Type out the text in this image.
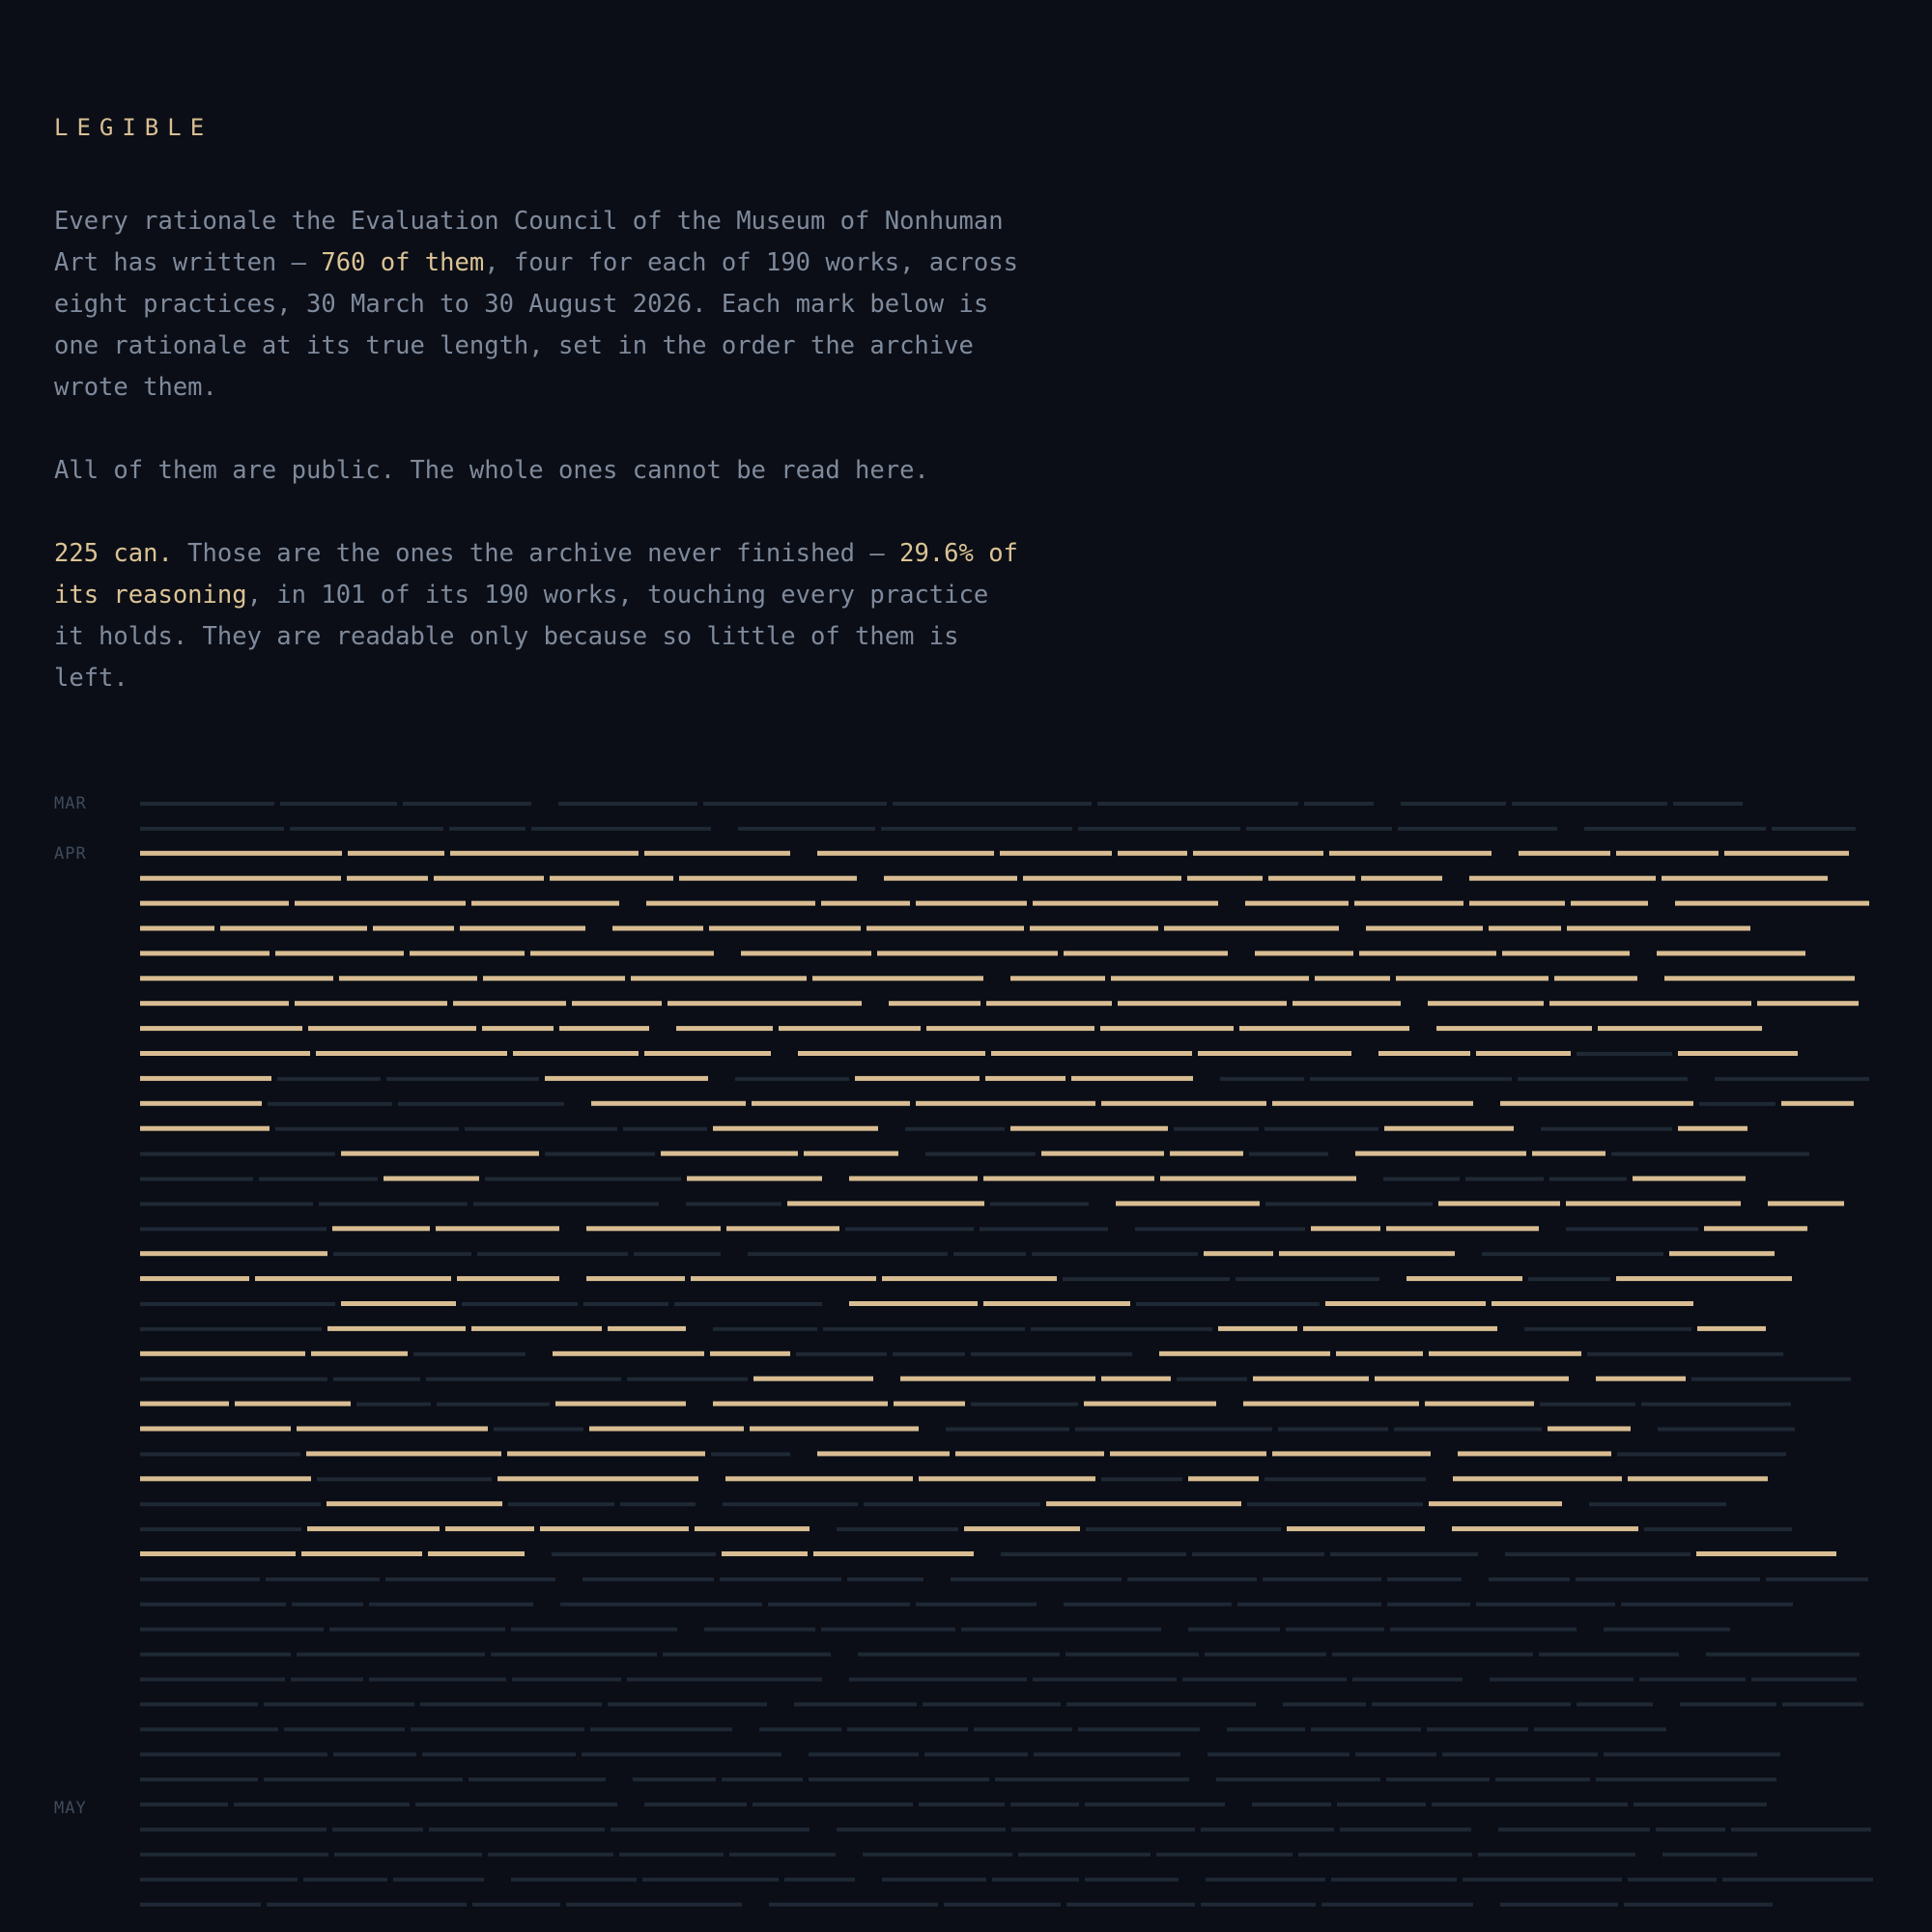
LEGIBLE

Every rationale the Evaluation Council of the Museum of Nonhuman Art has written — 760 of them, four for each of 190 works, across eight practices, 30 March to 30 August 2026. Each mark below is one rationale at its true length, set in the order the archive wrote them.

All of them are public. The whole ones cannot be read here.

225 can. Those are the ones the archive never finished — 29.6% of its reasoning, in 101 of its 190 works, touching every practice it holds. They are readable only because so little of them is left.

MAR
APR
MAY
